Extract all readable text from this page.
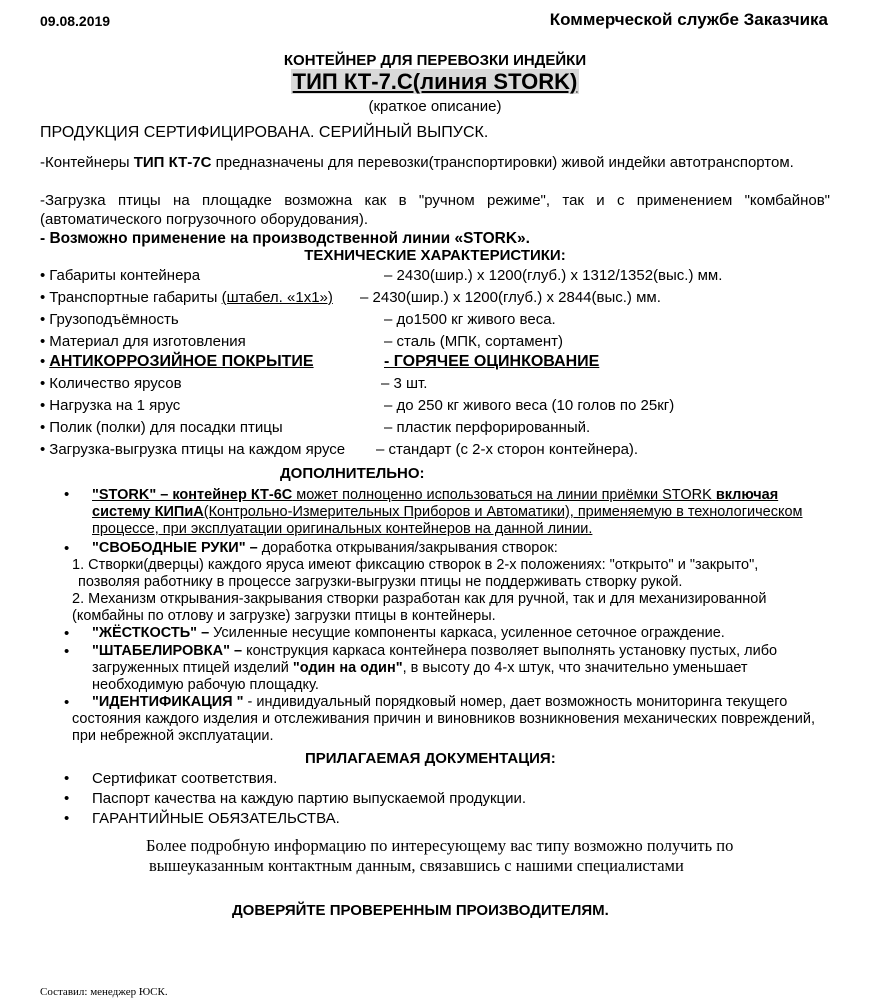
09.08.2019	Коммерческой службе Заказчика
КОНТЕЙНЕР ДЛЯ ПЕРЕВОЗКИ ИНДЕЙКИ
ТИП КТ-7.С(линия STORK)
(краткое описание)
ПРОДУКЦИЯ СЕРТИФИЦИРОВАНА. СЕРИЙНЫЙ ВЫПУСК.
-Контейнеры ТИП КТ-7С предназначены для перевозки(транспортировки) живой индейки автотранспортом.
-Загрузка птицы на площадке возможна как в "ручном режиме", так и с применением "комбайнов" (автоматического погрузочного оборудования).
- Возможно применение на производственной линии «STORK».
ТЕХНИЧЕСКИЕ ХАРАКТЕРИСТИКИ:
• Габариты контейнера	– 2430(шир.) х 1200(глуб.) х 1312/1352(выс.) мм.
• Транспортные габариты (штабел. «1х1») – 2430(шир.) х 1200(глуб.) х 2844(выс.) мм.
• Грузоподъёмность	– до1500 кг живого веса.
• Материал для изготовления	– сталь (МПК, сортамент)
• АНТИКОРРОЗИЙНОЕ ПОКРЫТИЕ	- ГОРЯЧЕЕ ОЦИНКОВАНИЕ
• Количество ярусов	– 3 шт.
• Нагрузка на 1 ярус	– до 250 кг живого веса (10 голов по 25кг)
• Полик (полки) для посадки птицы	– пластик перфорированный.
• Загрузка-выгрузка птицы на каждом ярусе – стандарт (с 2-х сторон контейнера).
ДОПОЛНИТЕЛЬНО:
• "STORK" – контейнер КТ-6С может полноценно использоваться на линии приёмки STORK включая систему КИПиА(Контрольно-Измерительных Приборов и Автоматики), применяемую в технологическом процессе, при эксплуатации оригинальных контейнеров на данной линии.
• "СВОБОДНЫЕ РУКИ" – доработка открывания/закрывания створок:
1. Створки(дверцы) каждого яруса имеют фиксацию створок в 2-х положениях: "открыто" и "закрыто",
позволяя работнику в процессе загрузки-выгрузки птицы не поддерживать створку рукой.
2. Механизм открывания-закрывания створки разработан как для ручной, так и для механизированной
(комбайны по отлову и загрузке) загрузки птицы в контейнеры.
• "ЖЁСТКОСТЬ" – Усиленные несущие компоненты каркаса, усиленное сеточное ограждение.
• "ШТАБЕЛИРОВКА" – конструкция каркаса контейнера позволяет выполнять установку пустых, либо загруженных птицей изделий "один на один", в высоту до 4-х штук, что значительно уменьшает необходимую рабочую площадку.
• "ИДЕНТИФИКАЦИЯ " - индивидуальный порядковый номер, дает возможность мониторинга текущего
состояния каждого изделия и отслеживания причин и виновников возникновения механических повреждений,
при небрежной эксплуатации.
ПРИЛАГАЕМАЯ ДОКУМЕНТАЦИЯ:
• Сертификат соответствия.
• Паспорт качества на каждую партию выпускаемой продукции.
• ГАРАНТИЙНЫЕ ОБЯЗАТЕЛЬСТВА.
Более подробную информацию по интересующему вас типу возможно получить по
вышеуказанным контактным данным, связавшись с нашими специалистами
ДОВЕРЯЙТЕ ПРОВЕРЕННЫМ ПРОИЗВОДИТЕЛЯМ.
Составил: менеджер ЮСК.
